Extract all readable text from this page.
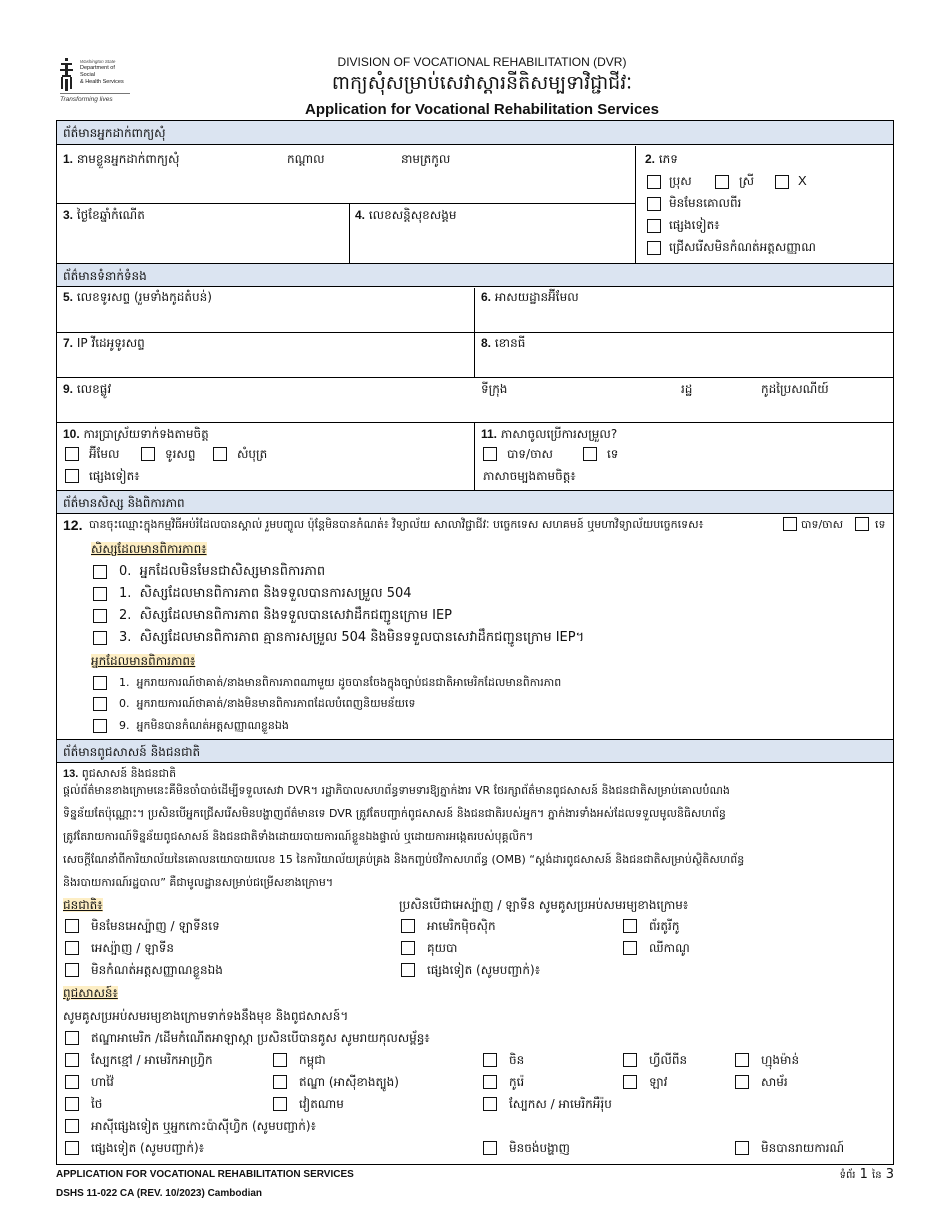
Washington State
Department of Social
& Health Services
Transforming lives
DIVISION OF VOCATIONAL REHABILITATION (DVR)
ពាក្យសុំសម្រាប់សេវាស្តារនីតិសម្បទាវិជ្ជាជីវៈ
Application for Vocational Rehabilitation Services
ព័ត៌មានអ្នកដាក់ពាក្យសុំ
1. នាមខ្លួនអ្នកដាក់ពាក្យសុំ	កណ្តាល	នាមត្រកូល	2. ភេទ
ប្រុស	ស្រី	X
មិនមែនគោលពីរ
ផ្សេងទៀត៖
ជ្រើសរើសមិនកំណត់អត្តសញ្ញាណ
3. ថ្ងៃខែឆ្នាំកំណើត	4. លេខសន្តិសុខសង្គម
ព័ត៌មានទំនាក់ទំនង
5. លេខទូរសព្ទ (រួមទាំងកូដតំបន់)	6. អាសយដ្ឋានអ៊ីមែល
7. IP វីដេអូទូរសព្ទ	8. ខោនធី
9. លេខផ្លូវ	ទីក្រុង	រដ្ឋ	កូដប្រៃសណីយ៍
10. ការប្រាស្រ័យទាក់ទងតាមចិត្ត
អ៊ីមែល	ទូរសព្ទ	សំបុត្រ
ផ្សេងទៀត៖
11. ភាសាចូលប្រើការសម្រួល?
បាទ/ចាស	ទេ
ភាសាចម្បងតាមចិត្ត៖
ព័ត៌មានសិស្ស និងពិការភាព
12. បានចុះឈ្មោះក្នុងកម្មវិធីអប់រំដែលបានស្គាល់ រួមបញ្ចូល ប៉ុន្តែមិនបានកំណត់៖ វិទ្យាល័យ សាលាវិជ្ជាជីវៈ បច្ចេកទេស សហគមន៍ ឬមហាវិទ្យាល័យបច្ចេកទេស៖	បាទ/ចាស	ទេ
សិស្សដែលមានពិការភាព៖
0. អ្នកដែលមិនមែនជាសិស្សមានពិការភាព
1. សិស្សដែលមានពិការភាព និងទទួលបានការសម្រួល 504
2. សិស្សដែលមានពិការភាព និងទទួលបានសេវាដឹកជញ្ជូនក្រោម IEP
3. សិស្សដែលមានពិការភាព គ្មានការសម្រួល 504 និងមិនទទួលបានសេវាដឹកជញ្ជូនក្រោម IEP។
អ្នកដែលមានពិការភាព៖
1. អ្នករាយការណ៍ថាគាត់/នាងមានពិការភាពណាមួយ ដូចបានចែងក្នុងច្បាប់ជនជាតិអាមេរិកដែលមានពិការភាព
0. អ្នករាយការណ៍ថាគាត់/នាងមិនមានពិការភាពដែលបំពេញនិយមន័យទេ
9. អ្នកមិនបានកំណត់អត្តសញ្ញាណខ្លួនឯង
ព័ត៌មានពូជសាសន៍ និងជនជាតិ
13. ពូជសាសន៍ និងជនជាតិ
ផ្តល់ព័ត៌មានខាងក្រោមនេះគឺមិនចាំបាច់ដើម្បីទទួលសេវា DVR។ រដ្ឋាភិបាលសហព័ន្ធទាមទារឱ្យភ្នាក់ងារ VR ថែរក្សាព័ត៌មានពូជសាសន៍ និងជនជាតិសម្រាប់គោលបំណង
ទិន្នន័យតែប៉ុណ្ណោះ។ ប្រសិនបើអ្នកជ្រើសរើសមិនបង្ហាញព័ត៌មានទេ DVR ត្រូវតែបញ្ជាក់ពូជសាសន៍ និងជនជាតិរបស់អ្នក។ ភ្នាក់ងារទាំងអស់ដែលទទួលមូលនិធិសហព័ន្ធ
ត្រូវតែរាយការណ៍ទិន្នន័យពូជសាសន៍ និងជនជាតិទាំងដោយរបាយការណ៍ខ្លួនឯងផ្ទាល់ ឬដោយការអង្កេតរបស់បុគ្គលិក។
សេចក្តីណែនាំពីការិយាល័យនៃគោលនយោបាយលេខ 15 នៃការិយាល័យគ្រប់គ្រង និងកញ្ចប់ថវិកាសហព័ន្ធ (OMB) “ស្តង់ដារពូជសាសន៍ និងជនជាតិសម្រាប់ស្ថិតិសហព័ន្ធ
និងរបាយការណ៍រដ្ឋបាល” គឺជាមូលដ្ឋានសម្រាប់ជម្រើសខាងក្រោម។
ជនជាតិ៖	ប្រសិនបើជាអេស្ប៉ាញ / ឡាទីន សូមគូសប្រអប់សមរម្យខាងក្រោម៖
មិនមែនអេស្ប៉ាញ / ឡាទីនទេ	អាមេរិកម៉ិចស៊ិក	ព័រតូរីកូ
អេស្ប៉ាញ / ឡាទីន	គុយបា	ឈីកាណូ
មិនកំណត់អត្តសញ្ញាណខ្លួនឯង	ផ្សេងទៀត (សូមបញ្ជាក់)៖
ពូជសាសន៍៖
សូមគូសប្រអប់សមរម្យខាងក្រោមទាក់ទងនឹងមុខ និងពូជសាសន៍។
ឥណ្ឌាអាមេរិក /ដើមកំណើតអាឡាស្កា ប្រសិនបើបានគូស សូមរាយកុលសម្ព័ន្ធ៖
ស្បែកខ្មៅ / អាមេរិកអាហ្វ្រិក	កម្ពុជា	ចិន	ហ្វីលីពីន	ហ្មុងម៉ាន់
ហាវ៉ៃ	ឥណ្ឌា (អាស៊ីខាងត្បូង)	កូរ៉េ	ឡាវ	សាម័រ
ថៃ	វៀតណាម	ស្បែកស / អាមេរិកអឺរ៉ុប
អាស៊ីផ្សេងទៀត ឬអ្នកកោះប៉ាស៊ីហ្វិក (សូមបញ្ជាក់)៖
ផ្សេងទៀត (សូមបញ្ជាក់)៖	មិនចង់បង្ហាញ	មិនបានរាយការណ៍
APPLICATION FOR VOCATIONAL REHABILITATION SERVICES
DSHS 11-022 CA (REV. 10/2023) Cambodian
ទំព័រ 1 នៃ 3
